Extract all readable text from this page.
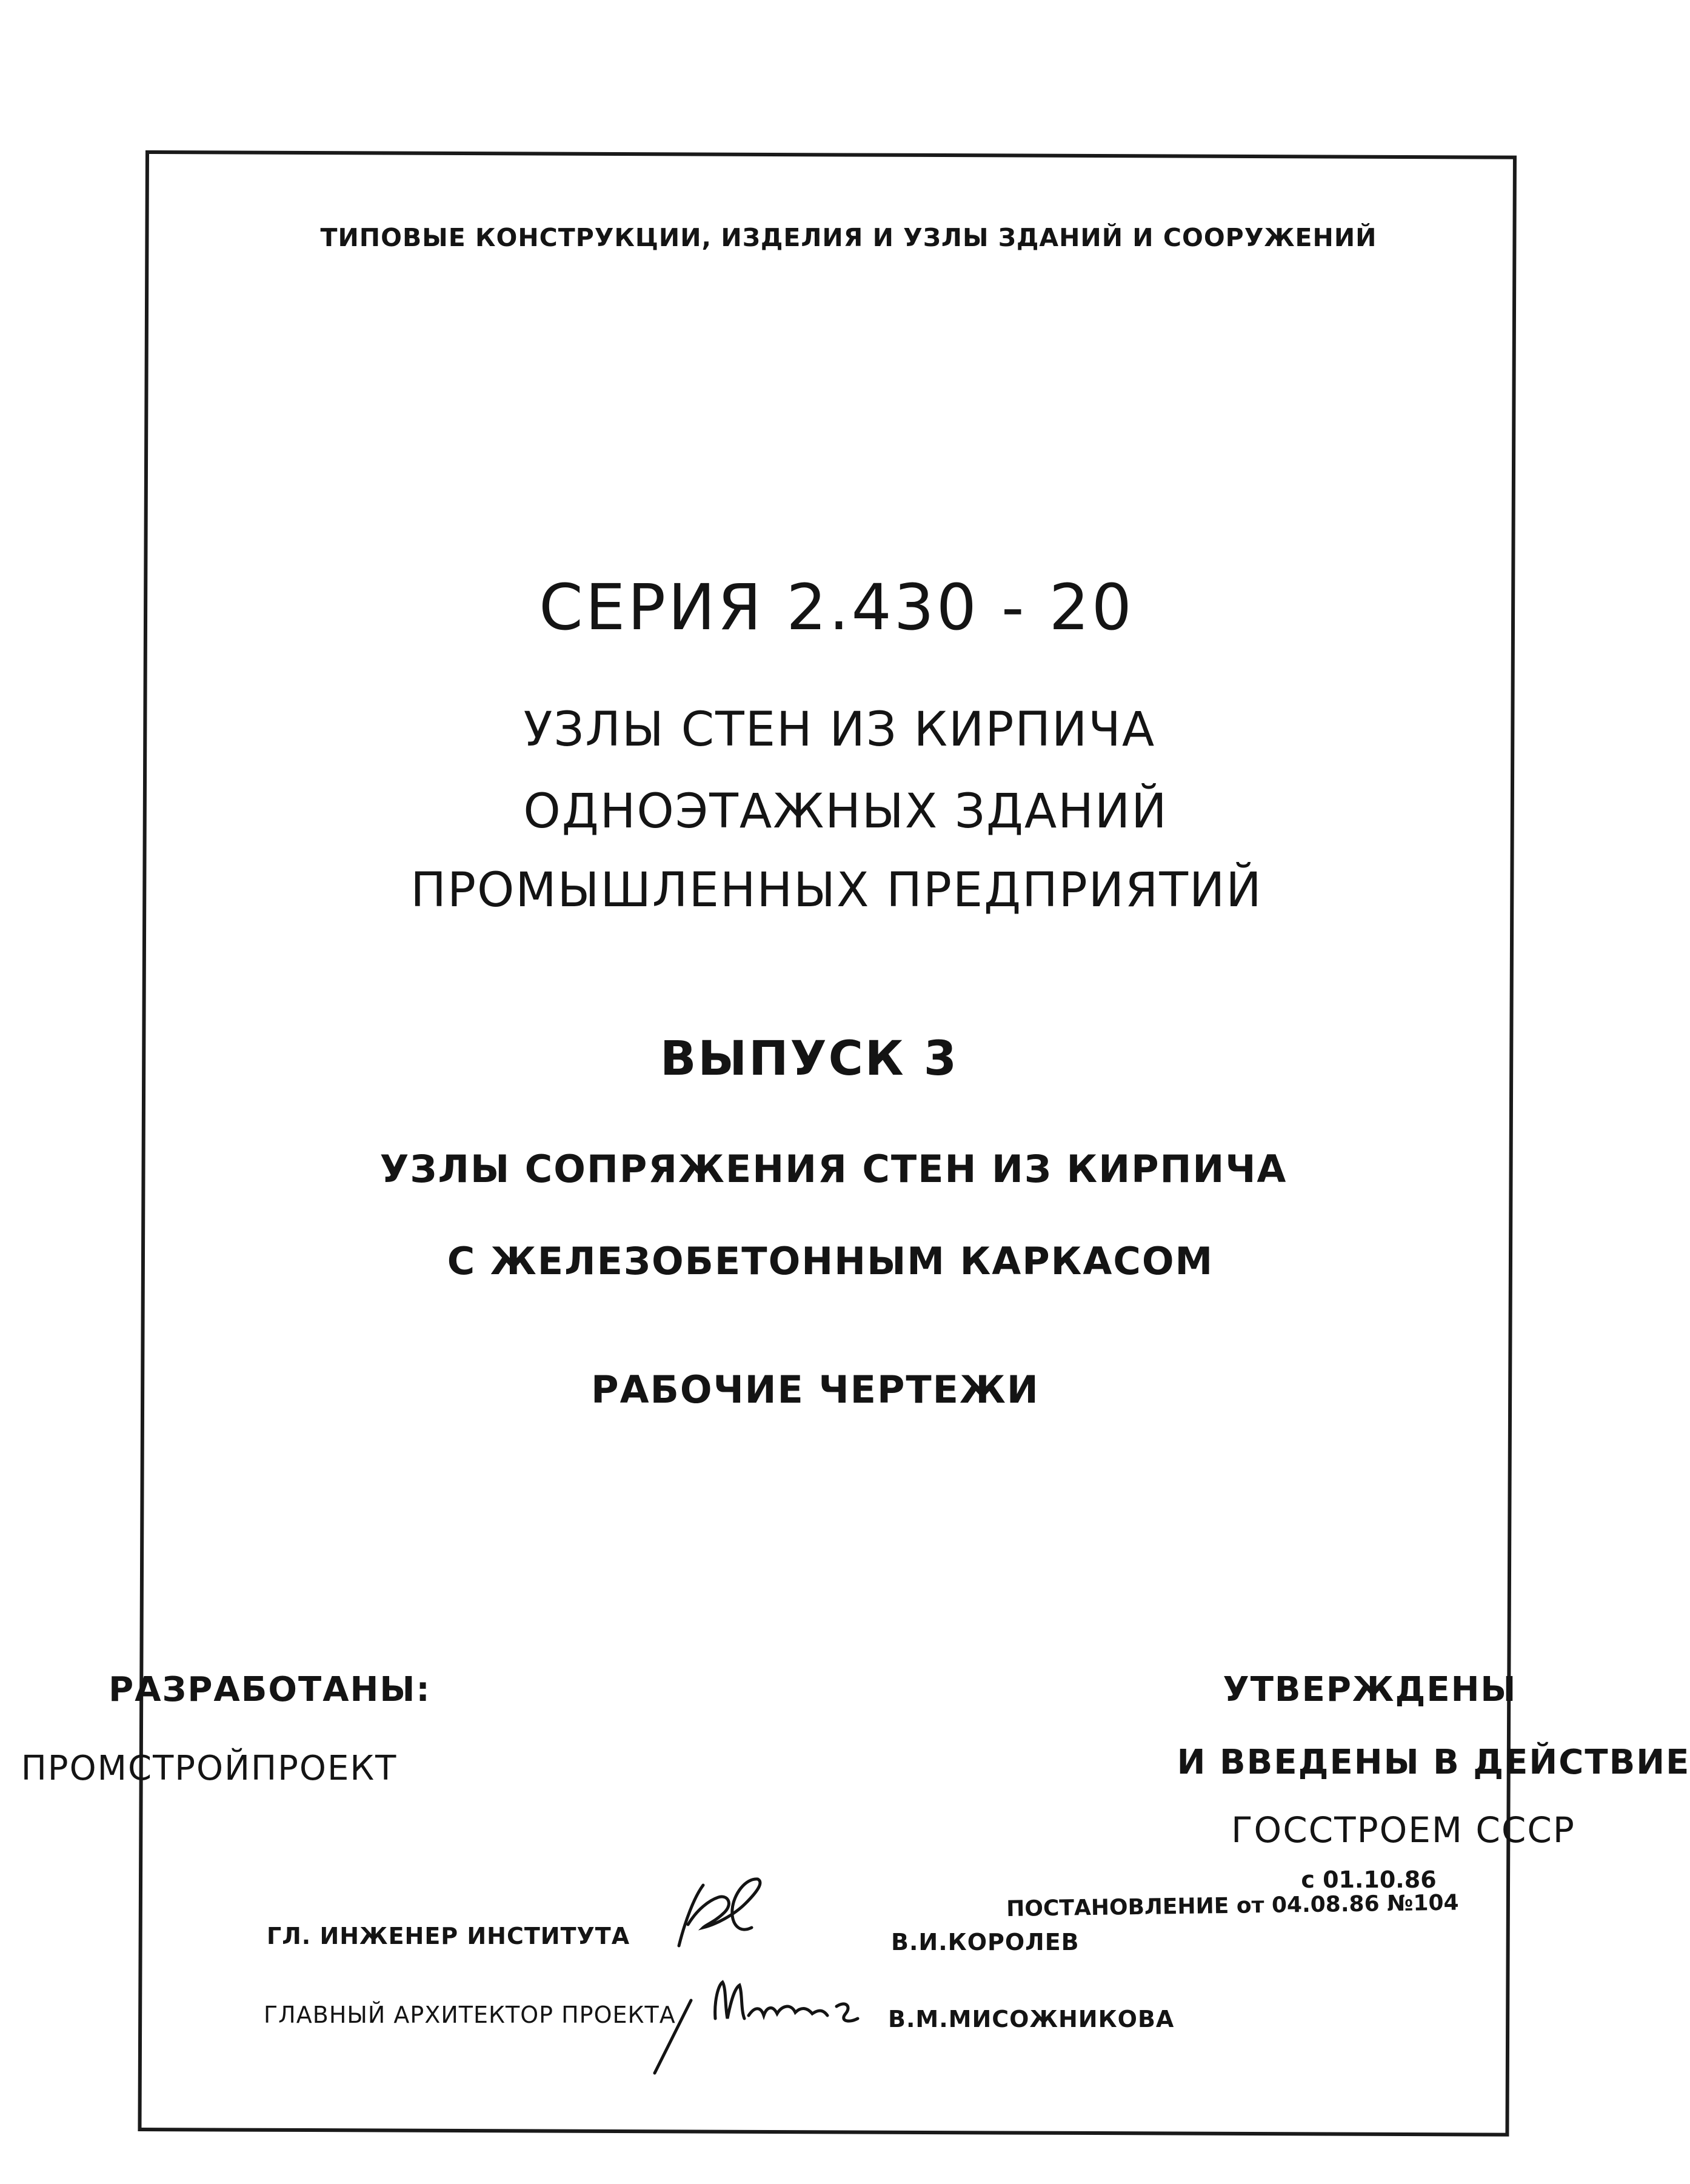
ТИПОВЫЕ КОНСТРУКЦИИ, ИЗДЕЛИЯ И УЗЛЫ ЗДАНИЙ И СООРУЖЕНИЙ
СЕРИЯ 2.430 - 20
УЗЛЫ СТЕН ИЗ КИРПИЧА
ОДНОЭТАЖНЫХ ЗДАНИЙ
ПРОМЫШЛЕННЫХ ПРЕДПРИЯТИЙ
ВЫПУСК 3
УЗЛЫ СОПРЯЖЕНИЯ СТЕН ИЗ КИРПИЧА
С ЖЕЛЕЗОБЕТОННЫМ КАРКАСОМ
РАБОЧИЕ ЧЕРТЕЖИ
РАЗРАБОТАНЫ:
ПРОМСТРОЙПРОЕКТ
УТВЕРЖДЕНЫ
И ВВЕДЕНЫ В ДЕЙСТВИЕ
ГОССТРОЕМ СССР
с 01.10.86
ПОСТАНОВЛЕНИЕ от 04.08.86 №104
ГЛ. ИНЖЕНЕР ИНСТИТУТА	В.И.КОРОЛЕВ
ГЛАВНЫЙ АРХИТЕКТОР ПРОЕКТА	В.М.МИСОЖНИКОВА
